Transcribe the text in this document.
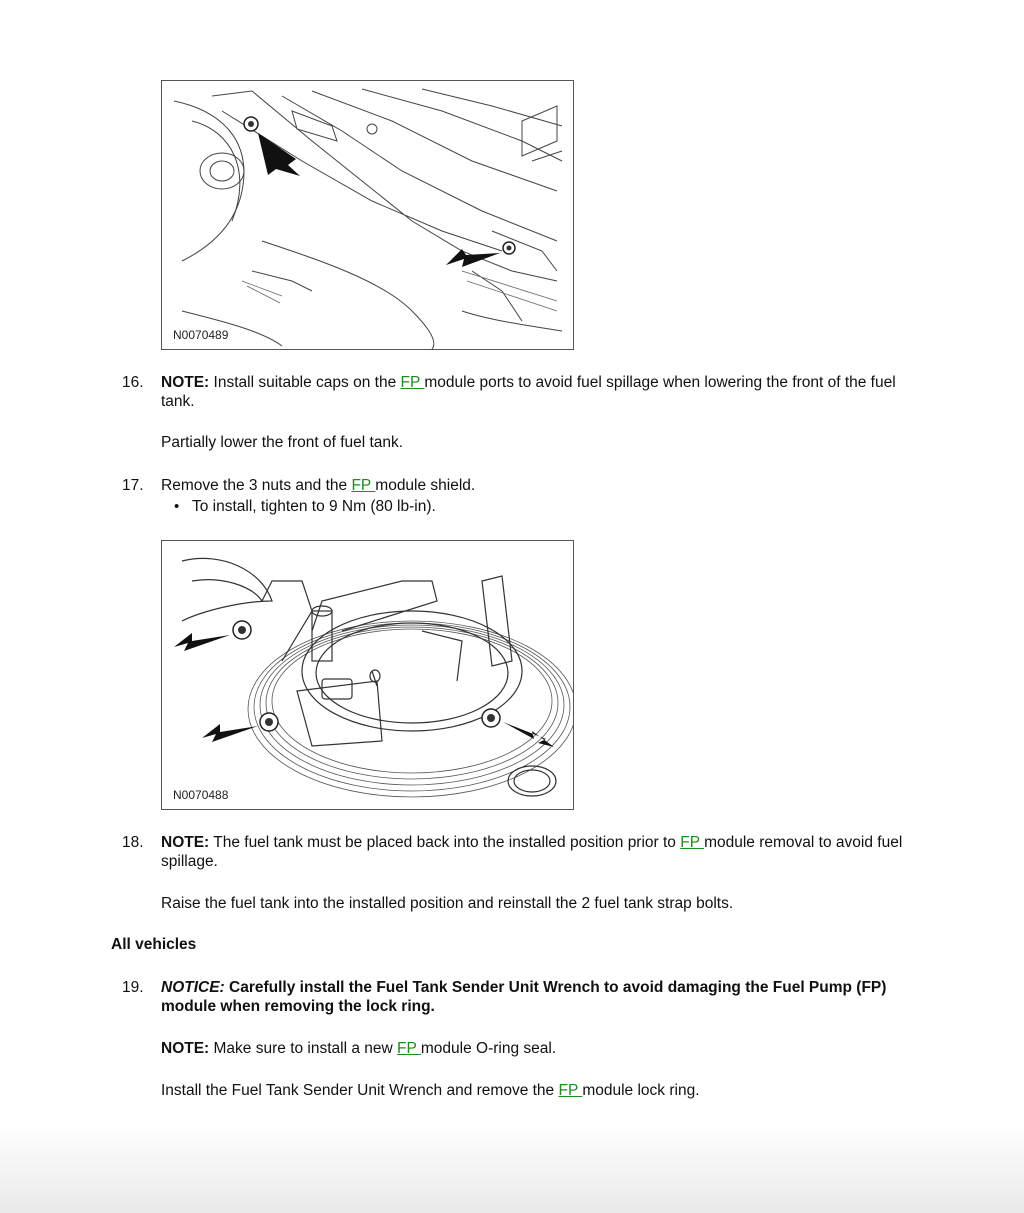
N0070489
16. NOTE: Install suitable caps on the FP module ports to avoid fuel spillage when lowering the front of the fuel tank.
Partially lower the front of fuel tank.
17. Remove the 3 nuts and the FP module shield.
• To install, tighten to 9 Nm (80 lb-in).
N0070488
18. NOTE: The fuel tank must be placed back into the installed position prior to FP module removal to avoid fuel spillage.
Raise the fuel tank into the installed position and reinstall the 2 fuel tank strap bolts.
All vehicles
19. NOTICE: Carefully install the Fuel Tank Sender Unit Wrench to avoid damaging the Fuel Pump (FP) module when removing the lock ring.
NOTE: Make sure to install a new FP module O-ring seal.
Install the Fuel Tank Sender Unit Wrench and remove the FP module lock ring.
